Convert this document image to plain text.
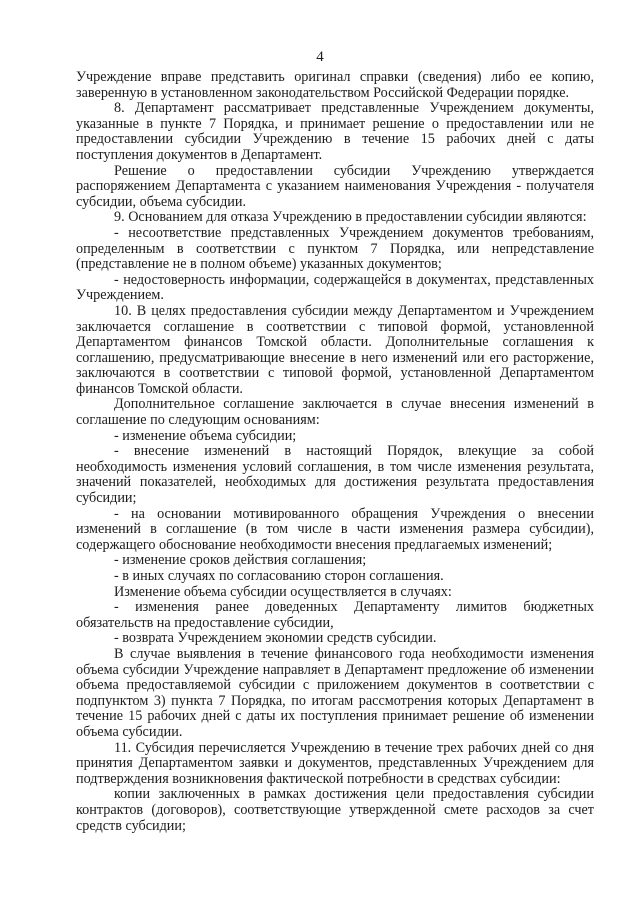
4

Учреждение вправе представить оригинал справки (сведения) либо ее копию, заверенную в установленном законодательством Российской Федерации порядке.

8. Департамент рассматривает представленные Учреждением документы, указанные в пункте 7 Порядка, и принимает решение о предоставлении или не предоставлении субсидии Учреждению в течение 15 рабочих дней с даты поступления документов в Департамент.

Решение о предоставлении субсидии Учреждению утверждается распоряжением Департамента с указанием наименования Учреждения - получателя субсидии, объема субсидии.

9. Основанием для отказа Учреждению в предоставлении субсидии являются:

- несоответствие представленных Учреждением документов требованиям, определенным в соответствии с пунктом 7 Порядка, или непредставление (представление не в полном объеме) указанных документов;

- недостоверность информации, содержащейся в документах, представленных Учреждением.

10. В целях предоставления субсидии между Департаментом и Учреждением заключается соглашение в соответствии с типовой формой, установленной Департаментом финансов Томской области. Дополнительные соглашения к соглашению, предусматривающие внесение в него изменений или его расторжение, заключаются в соответствии с типовой формой, установленной Департаментом финансов Томской области.

Дополнительное соглашение заключается в случае внесения изменений в соглашение по следующим основаниям:

- изменение объема субсидии;

- внесение изменений в настоящий Порядок, влекущие за собой необходимость изменения условий соглашения, в том числе изменения результата, значений показателей, необходимых для достижения результата предоставления субсидии;

- на основании мотивированного обращения Учреждения о внесении изменений в соглашение (в том числе в части изменения размера субсидии), содержащего обоснование необходимости внесения предлагаемых изменений;

- изменение сроков действия соглашения;

- в иных случаях по согласованию сторон соглашения.

Изменение объема субсидии осуществляется в случаях:

- изменения ранее доведенных Департаменту лимитов бюджетных обязательств на предоставление субсидии,

- возврата Учреждением экономии средств субсидии.

В случае выявления в течение финансового года необходимости изменения объема субсидии Учреждение направляет в Департамент предложение об изменении объема предоставляемой субсидии с приложением документов в соответствии с подпунктом 3) пункта 7 Порядка, по итогам рассмотрения которых Департамент в течение 15 рабочих дней с даты их поступления принимает решение об изменении объема субсидии.

11. Субсидия перечисляется Учреждению в течение трех рабочих дней со дня принятия Департаментом заявки и документов, представленных Учреждением для подтверждения возникновения фактической потребности в средствах субсидии:

копии заключенных в рамках достижения цели предоставления субсидии контрактов (договоров), соответствующие утвержденной смете расходов за счет средств субсидии;
